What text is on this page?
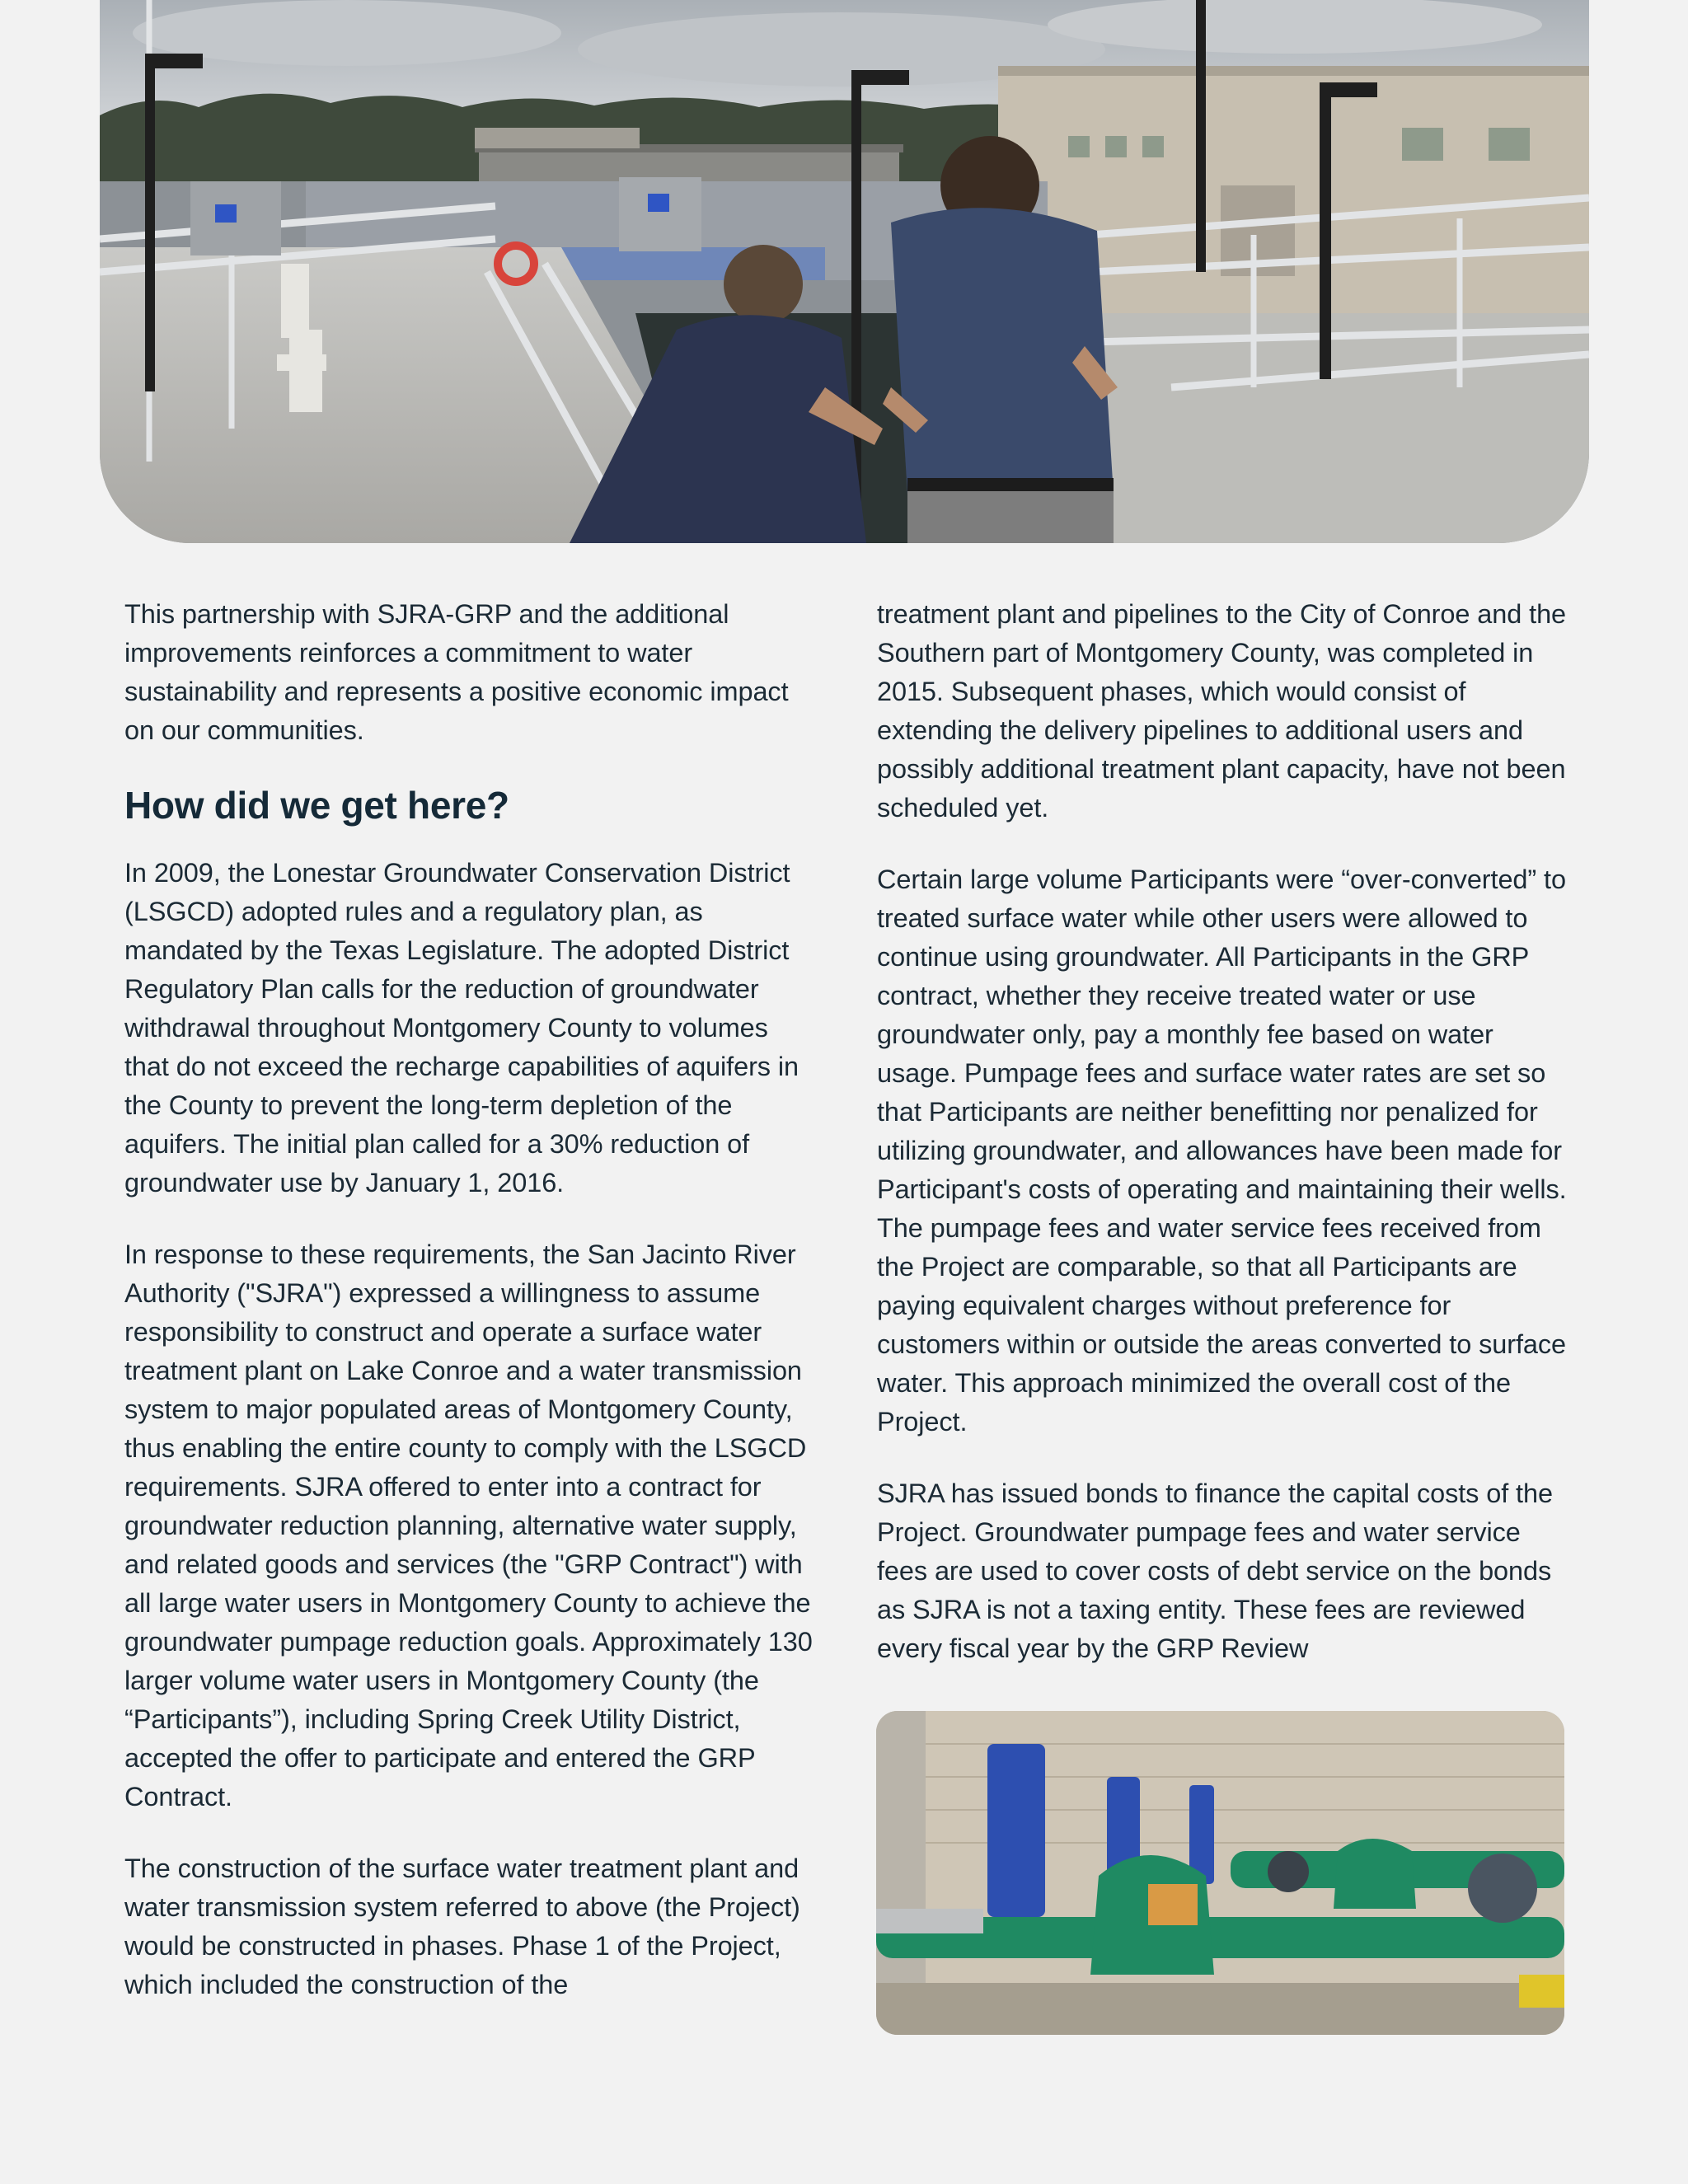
This partnership with SJRA-GRP and the additional improvements reinforces a commitment to water sustainability and represents a positive economic impact on our communities.

How did we get here?

In 2009, the Lonestar Groundwater Conservation District (LSGCD) adopted rules and a regulatory plan, as mandated by the Texas Legislature. The adopted District Regulatory Plan calls for the reduction of groundwater withdrawal throughout Montgomery County to volumes that do not exceed the recharge capabilities of aquifers in the County to prevent the long-term depletion of the aquifers. The initial plan called for a 30% reduction of groundwater use by January 1, 2016.

In response to these requirements, the San Jacinto River Authority ("SJRA") expressed a willingness to assume responsibility to construct and operate a surface water treatment plant on Lake Conroe and a water transmission system to major populated areas of Montgomery County, thus enabling the entire county to comply with the LSGCD requirements. SJRA offered to enter into a contract for groundwater reduction planning, alternative water supply, and related goods and services (the "GRP Contract") with all large water users in Montgomery County to achieve the groundwater pumpage reduction goals. Approximately 130 larger volume water users in Montgomery County (the “Participants”), including Spring Creek Utility District, accepted the offer to participate and entered the GRP Contract.

The construction of the surface water treatment plant and water transmission system referred to above (the Project) would be constructed in phases. Phase 1 of the Project, which included the construction of the

treatment plant and pipelines to the City of Conroe and the Southern part of Montgomery County, was completed in 2015. Subsequent phases, which would consist of extending the delivery pipelines to additional users and possibly additional treatment plant capacity, have not been scheduled yet.

Certain large volume Participants were “over-converted” to treated surface water while other users were allowed to continue using groundwater. All Participants in the GRP contract, whether they receive treated water or use groundwater only, pay a monthly fee based on water usage. Pumpage fees and surface water rates are set so that Participants are neither benefitting nor penalized for utilizing groundwater, and allowances have been made for Participant's costs of operating and maintaining their wells. The pumpage fees and water service fees received from the Project are comparable, so that all Participants are paying equivalent charges without preference for customers within or outside the areas converted to surface water. This approach minimized the overall cost of the Project.

SJRA has issued bonds to finance the capital costs of the Project. Groundwater pumpage fees and water service fees are used to cover costs of debt service on the bonds as SJRA is not a taxing entity. These fees are reviewed every fiscal year by the GRP Review
